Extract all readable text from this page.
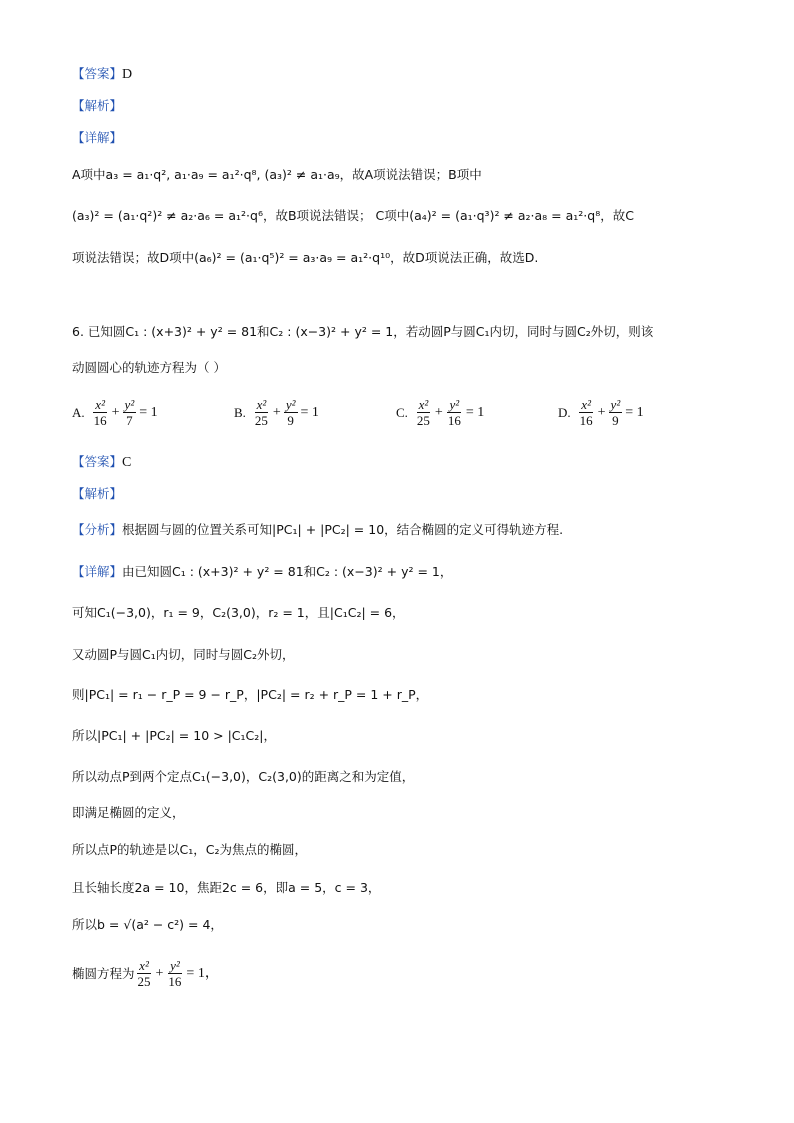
【答案】D
【解析】
【详解】
A项中a₃ = a₁·q², a₁·a₉ = a₁²·q⁸, (a₃)² ≠ a₁·a₉，故A项说法错误；B项中
(a₃)² = (a₁·q²)² ≠ a₂·a₆ = a₁²·q⁶，故B项说法错误； C项中(a₄)² = (a₁·q³)² ≠ a₂·a₈ = a₁²·q⁸，故C
项说法错误；故D项中(a₆)² = (a₁·q⁵)² = a₃·a₉ = a₁²·q¹⁰，故D项说法正确，故选D.
6. 已知圆C₁ : (x+3)² + y² = 81和C₂ : (x−3)² + y² = 1，若动圆P与圆C₁内切，同时与圆C₂外切，则该
动圆圆心的轨迹方程为（ ）
A. $\frac{\text{x²}}{16} + \frac{\text{y²}}{7} = 1$	B. $\frac{\text{x²}}{25} + \frac{\text{y²}}{9} = 1$	C. $\frac{\text{x²}}{25} + \frac{\text{y²}}{16} = 1$	D. $\frac{\text{x²}}{16} + \frac{\text{y²}}{9} = 1$
【答案】C
【解析】
【分析】根据圆与圆的位置关系可知|PC₁| + |PC₂| = 10，结合椭圆的定义可得轨迹方程.
【详解】由已知圆C₁ : (x+3)² + y² = 81和C₂ : (x−3)² + y² = 1，
可知C₁(−3,0)，r₁ = 9，C₂(3,0)，r₂ = 1，且|C₁C₂| = 6，
又动圆P与圆C₁内切，同时与圆C₂外切，
则|PC₁| = r₁ − r_P = 9 − r_P，|PC₂| = r₂ + r_P = 1 + r_P，
所以|PC₁| + |PC₂| = 10 > |C₁C₂|，
所以动点P到两个定点C₁(−3,0)，C₂(3,0)的距离之和为定值，
即满足椭圆的定义，
所以点P的轨迹是以C₁，C₂为焦点的椭圆，
且长轴长度2a = 10，焦距2c = 6，即a = 5，c = 3，
所以b = √(a² − c²) = 4，
椭圆方程为 $\frac{\text{x²}}{25} + \frac{\text{y²}}{16} = 1$，
